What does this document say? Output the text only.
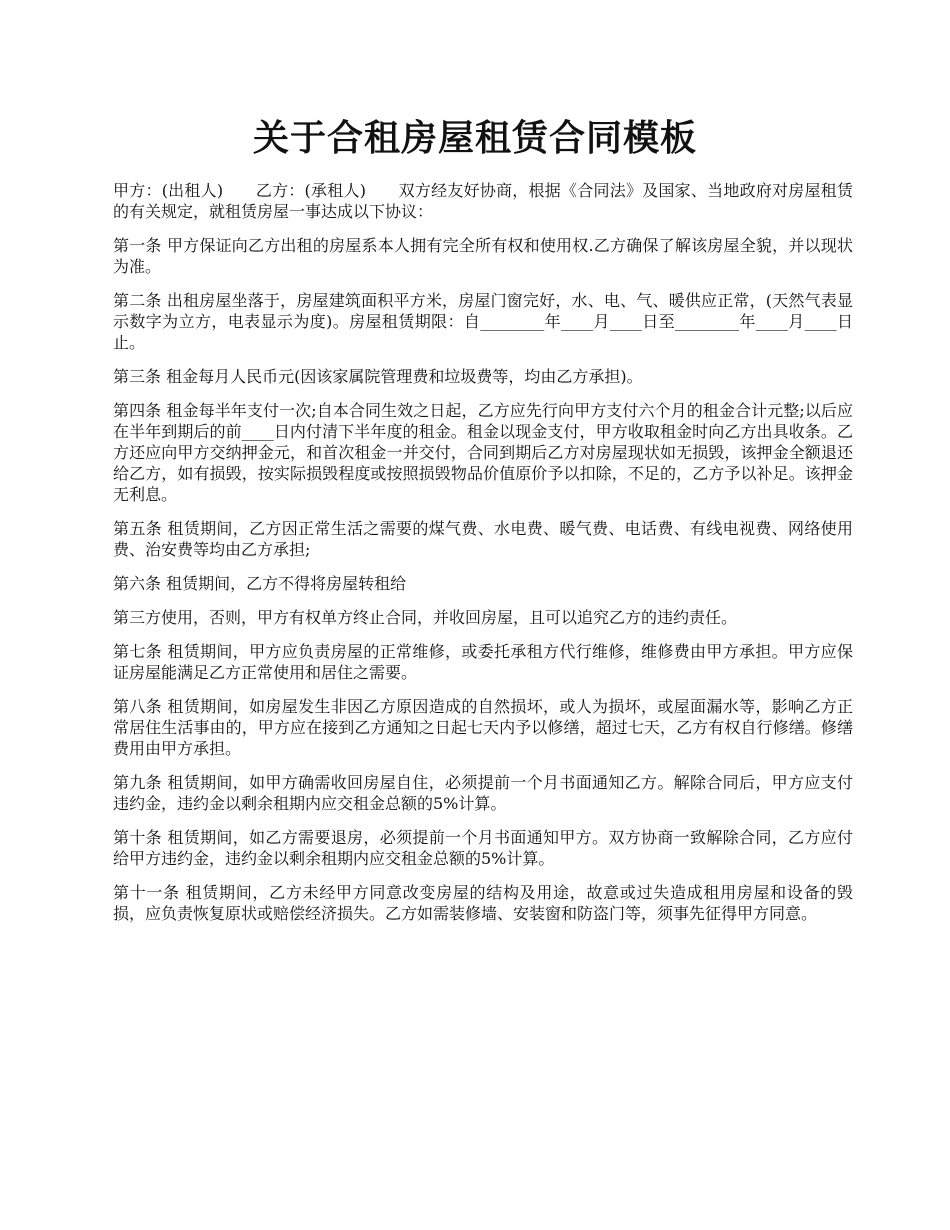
关于合租房屋租赁合同模板

甲方：(出租人)　　乙方：(承租人)　　双方经友好协商，根据《合同法》及国家、当地政府对房屋租赁的有关规定，就租赁房屋一事达成以下协议：

第一条 甲方保证向乙方出租的房屋系本人拥有完全所有权和使用权.乙方确保了解该房屋全貌，并以现状为准。

第二条 出租房屋坐落于，房屋建筑面积平方米，房屋门窗完好，水、电、气、暖供应正常，(天然气表显示数字为立方，电表显示为度)。房屋租赁期限：自________年____月____日至________年____月____日止。

第三条 租金每月人民币元(因该家属院管理费和垃圾费等，均由乙方承担)。

第四条 租金每半年支付一次;自本合同生效之日起，乙方应先行向甲方支付六个月的租金合计元整;以后应在半年到期后的前____日内付清下半年度的租金。租金以现金支付，甲方收取租金时向乙方出具收条。乙方还应向甲方交纳押金元，和首次租金一并交付，合同到期后乙方对房屋现状如无损毁，该押金全额退还给乙方，如有损毁，按实际损毁程度或按照损毁物品价值原价予以扣除，不足的，乙方予以补足。该押金无利息。

第五条 租赁期间，乙方因正常生活之需要的煤气费、水电费、暖气费、电话费、有线电视费、网络使用费、治安费等均由乙方承担;

第六条 租赁期间，乙方不得将房屋转租给

第三方使用，否则，甲方有权单方终止合同，并收回房屋，且可以追究乙方的违约责任。

第七条 租赁期间，甲方应负责房屋的正常维修，或委托承租方代行维修，维修费由甲方承担。甲方应保证房屋能满足乙方正常使用和居住之需要。

第八条 租赁期间，如房屋发生非因乙方原因造成的自然损坏，或人为损坏，或屋面漏水等，影响乙方正常居住生活事由的，甲方应在接到乙方通知之日起七天内予以修缮，超过七天，乙方有权自行修缮。修缮费用由甲方承担。

第九条 租赁期间，如甲方确需收回房屋自住，必须提前一个月书面通知乙方。解除合同后，甲方应支付违约金，违约金以剩余租期内应交租金总额的5%计算。

第十条 租赁期间，如乙方需要退房，必须提前一个月书面通知甲方。双方协商一致解除合同，乙方应付给甲方违约金，违约金以剩余租期内应交租金总额的5%计算。

第十一条 租赁期间，乙方未经甲方同意改变房屋的结构及用途，故意或过失造成租用房屋和设备的毁损，应负责恢复原状或赔偿经济损失。乙方如需装修墙、安装窗和防盗门等，须事先征得甲方同意。
